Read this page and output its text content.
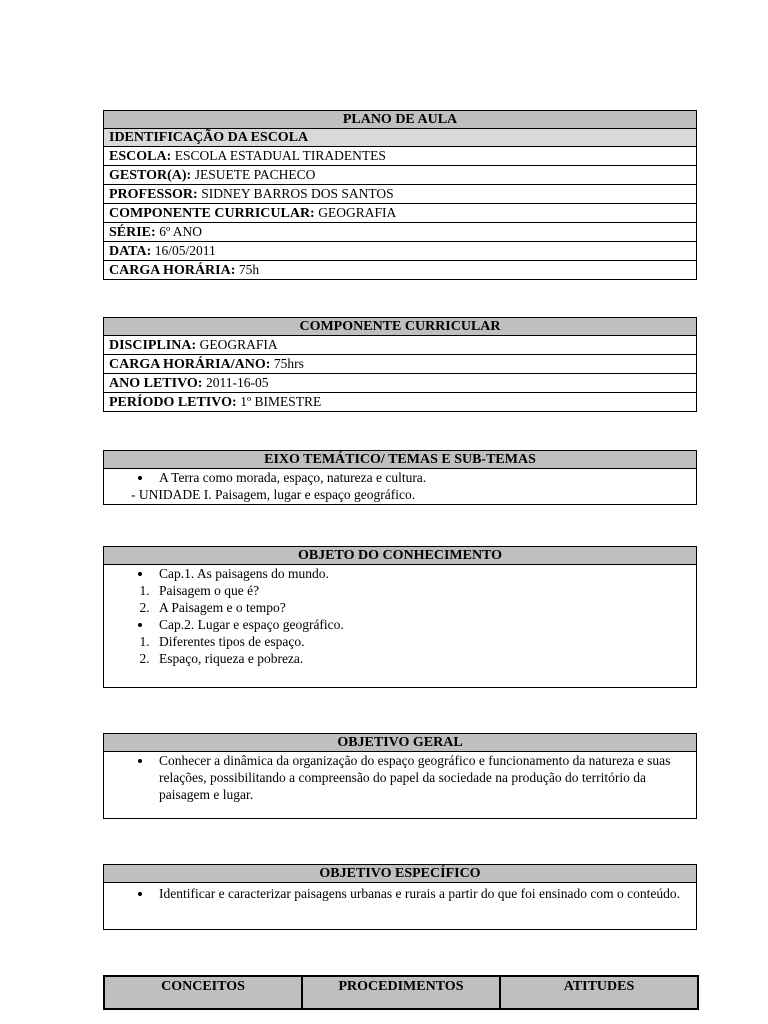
PLANO DE AULA
IDENTIFICAÇÃO DA ESCOLA
ESCOLA: ESCOLA ESTADUAL TIRADENTES
GESTOR(A): JESUETE PACHECO
PROFESSOR: SIDNEY BARROS DOS SANTOS
COMPONENTE CURRICULAR: GEOGRAFIA
SÉRIE: 6º ANO
DATA: 16/05/2011
CARGA HORÁRIA: 75h
COMPONENTE CURRICULAR
DISCIPLINA: GEOGRAFIA
CARGA HORÁRIA/ANO: 75hrs
ANO LETIVO: 2011-16-05
PERÍODO LETIVO: 1º BIMESTRE
EIXO TEMÁTICO/ TEMAS E SUB-TEMAS

• A Terra como morada, espaço, natureza e cultura.
- UNIDADE I. Paisagem, lugar e espaço geográfico.
OBJETO DO CONHECIMENTO

• Cap.1. As paisagens do mundo.
1. Paisagem o que é?
2. A Paisagem e o tempo?
• Cap.2. Lugar e espaço geográfico.
1. Diferentes tipos de espaço.
2. Espaço, riqueza e pobreza.
OBJETIVO GERAL

• Conhecer a dinâmica da organização do espaço geográfico e funcionamento da natureza e suas relações, possibilitando a compreensão do papel da sociedade na produção do território da paisagem e lugar.
OBJETIVO ESPECÍFICO

• Identificar e caracterizar paisagens urbanas e rurais a partir do que foi ensinado com o conteúdo.
CONCEITOS	PROCEDIMENTOS	ATITUDES
